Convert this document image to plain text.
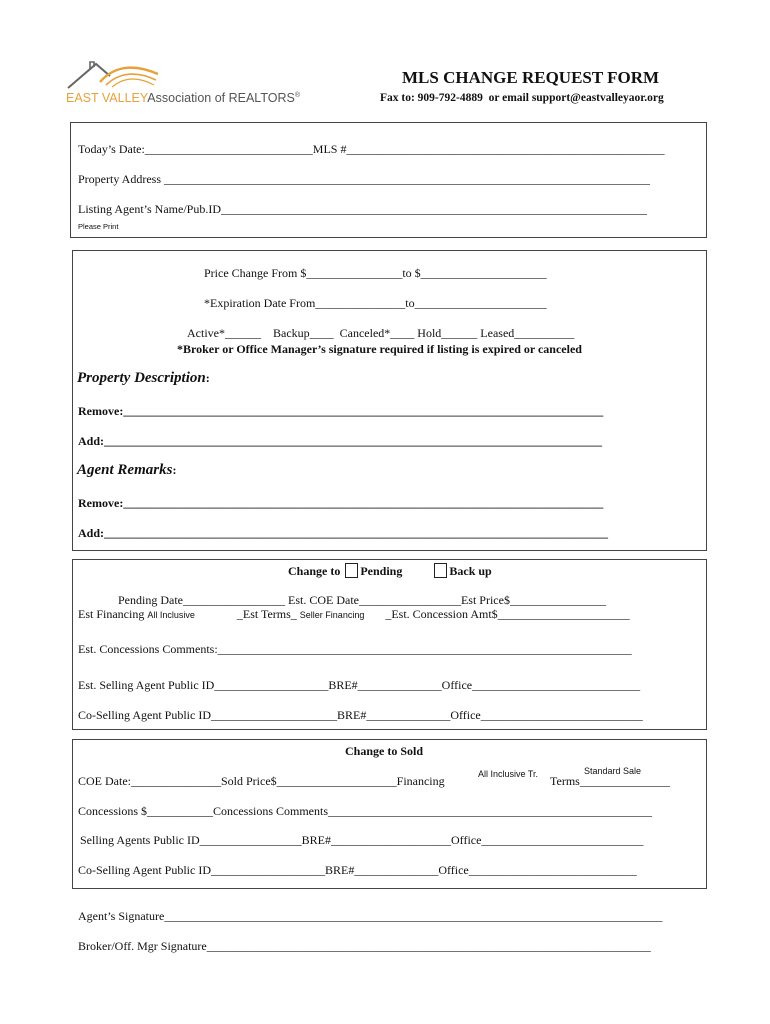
EAST VALLEYAssociation of REALTORS®
MLS CHANGE REQUEST FORM
Fax to: 909-792-4889  or email support@eastvalleyaor.org
Today’s Date:____________________________MLS #_____________________________________________________
Property Address _________________________________________________________________________________
Listing Agent’s Name/Pub.ID_______________________________________________________________________
Please Print
Price Change From $________________to $_____________________
*Expiration Date From_______________to______________________
Active*______    Backup____  Canceled*____ Hold______ Leased__________
*Broker or Office Manager’s signature required if listing is expired or canceled
Property Description:
Remove:________________________________________________________________________________
Add:___________________________________________________________________________________
Agent Remarks:
Remove:________________________________________________________________________________
Add:____________________________________________________________________________________
Change to Pending	Back up
Pending Date_________________ Est. COE Date_________________Est Price$________________
Est Financing All Inclusive	_Est Terms_ Seller Financing _Est. Concession Amt$______________________
Est. Concessions Comments:_____________________________________________________________________
Est. Selling Agent Public ID___________________BRE#______________Office____________________________
Co-Selling Agent Public ID_____________________BRE#______________Office___________________________
Change to Sold
COE Date:_______________Sold Price$____________________Financing	All Inclusive Tr. Terms_______________
Standard Sale
Concessions $___________Concessions Comments______________________________________________________
Selling Agents Public ID_________________BRE#____________________Office___________________________
Co-Selling Agent Public ID___________________BRE#______________Office____________________________
Agent’s Signature___________________________________________________________________________________
Broker/Off. Mgr Signature__________________________________________________________________________
